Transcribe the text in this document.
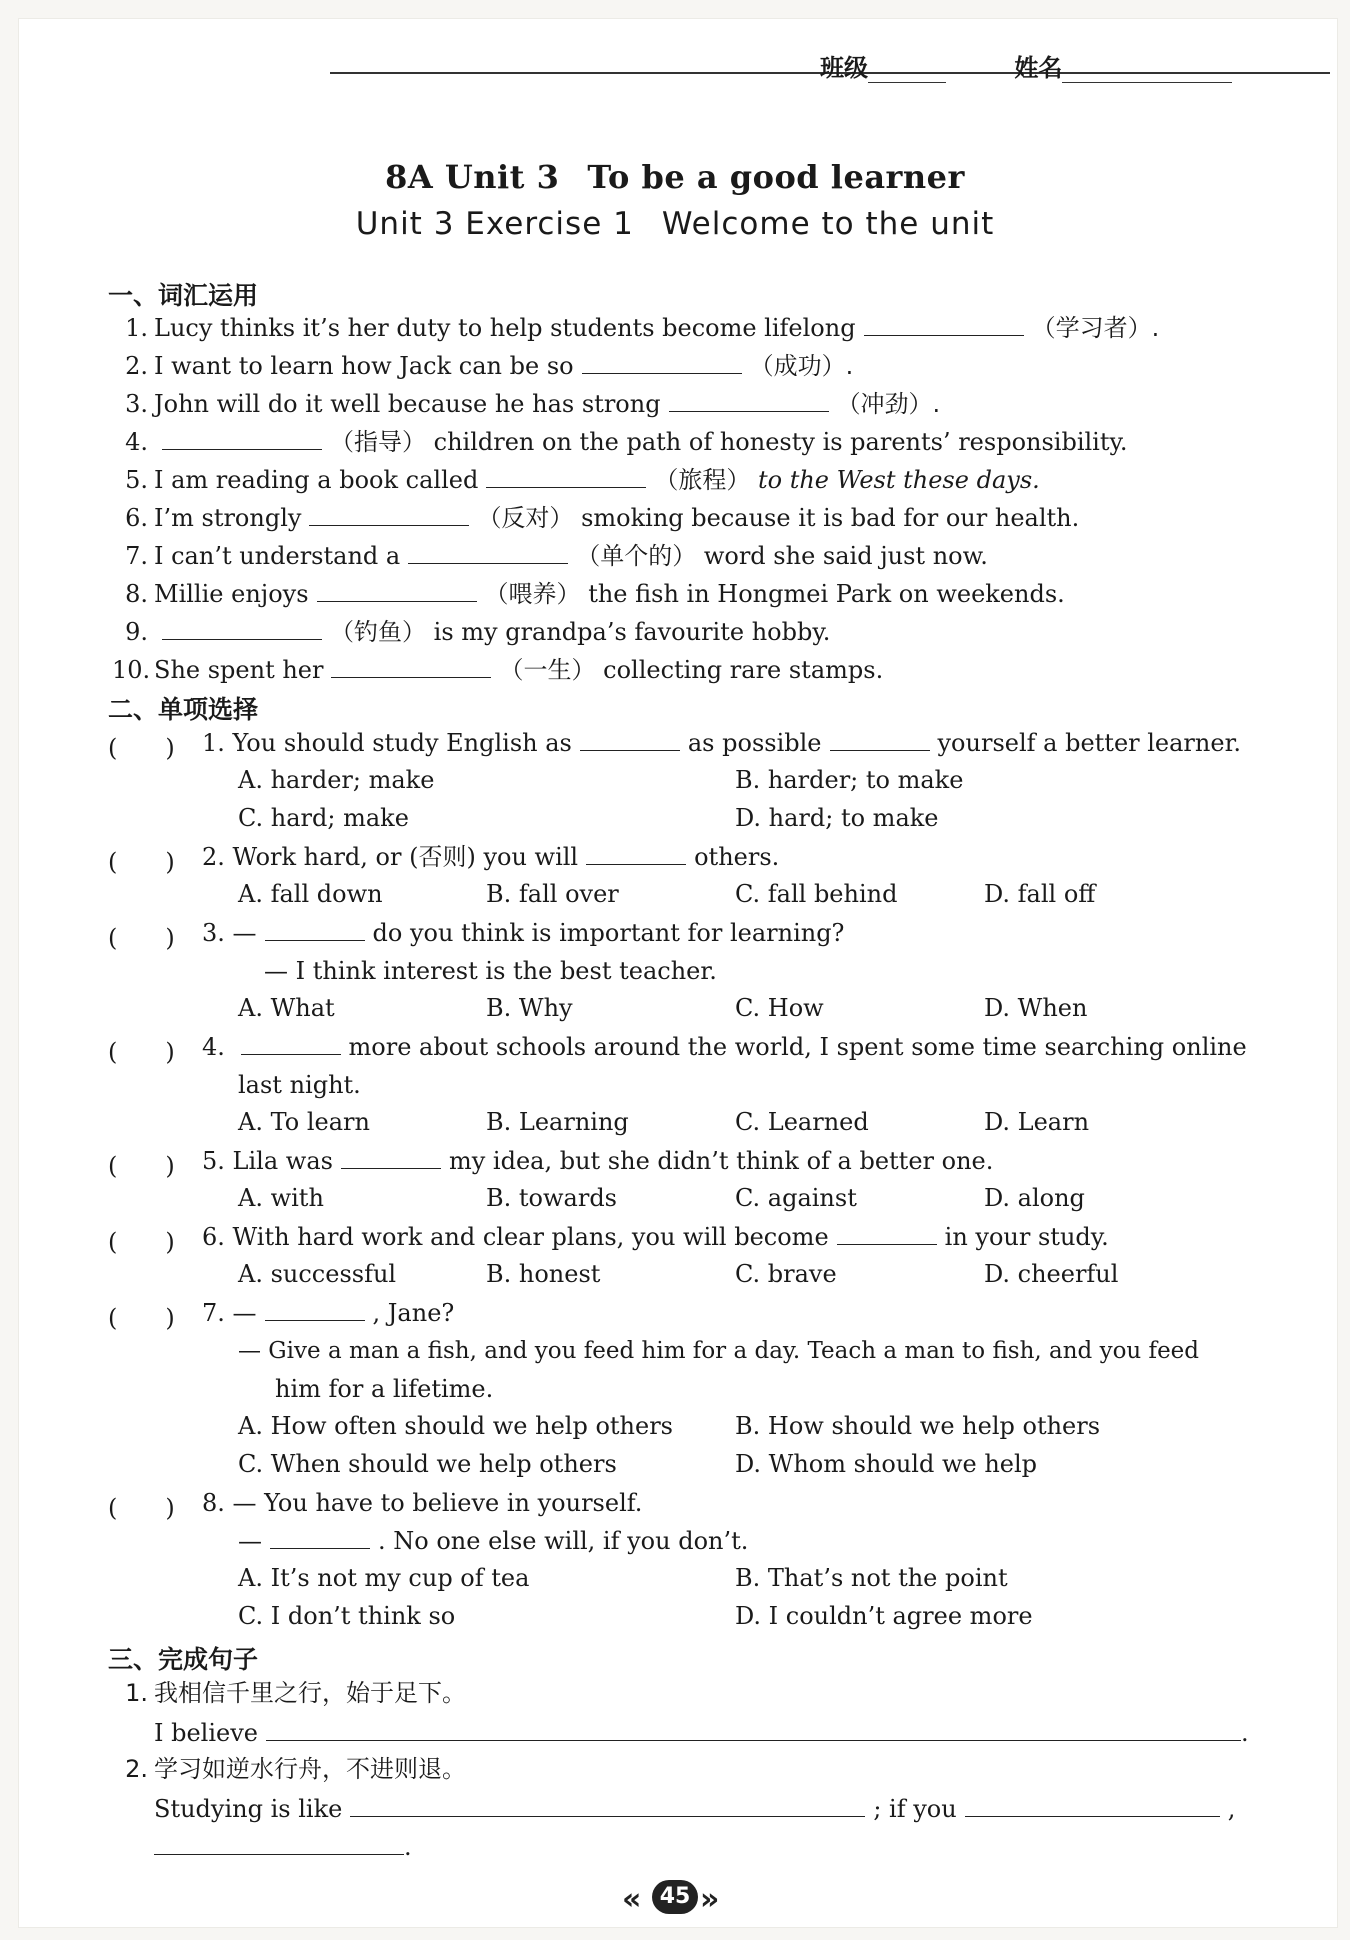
班级	姓名
8A Unit 3 To be a good learner
Unit 3 Exercise 1 Welcome to the unit
一、词汇运用
1. Lucy thinks it’s her duty to help students become lifelong	（学习者）.
2. I want to learn how Jack can be so	（成功）.
3. John will do it well because he has strong	（冲劲）.
4.	（指导） children on the path of honesty is parents’ responsibility.
5. I am reading a book called	（旅程） to the West these days.
6. I’m strongly	（反对） smoking because it is bad for our health.
7. I can’t understand a	（单个的） word she said just now.
8. Millie enjoys	（喂养） the fish in Hongmei Park on weekends.
9.	（钓鱼） is my grandpa’s favourite hobby.
10. She spent her	（一生） collecting rare stamps.
二、单项选择
(　　) 1. You should study English as	as possible	yourself a better learner.
A. harder; make	B. harder; to make
C. hard; make	D. hard; to make
(　　) 2. Work hard, or (否则) you will	others.
A. fall down	B. fall over	C. fall behind	D. fall off
(　　) 3. —	do you think is important for learning?
— I think interest is the best teacher.
A. What	B. Why	C. How	D. When
(　　) 4.	more about schools around the world, I spent some time searching online
last night.
A. To learn	B. Learning	C. Learned	D. Learn
(　　) 5. Lila was	my idea, but she didn’t think of a better one.
A. with	B. towards	C. against	D. along
(　　) 6. With hard work and clear plans, you will become	in your study.
A. successful	B. honest	C. brave	D. cheerful
(　　) 7. —	, Jane?
— Give a man a fish, and you feed him for a day. Teach a man to fish, and you feed
him for a lifetime.
A. How often should we help others	B. How should we help others
C. When should we help others	D. Whom should we help
(　　) 8. — You have to believe in yourself.
—	. No one else will, if you don’t.
A. It’s not my cup of tea	B. That’s not the point
C. I don’t think so	D. I couldn’t agree more
三、完成句子
1. 我相信千里之行，始于足下。
I believe	.
2. 学习如逆水行舟，不进则退。
Studying is like	; if you	,
.
« 45 »
